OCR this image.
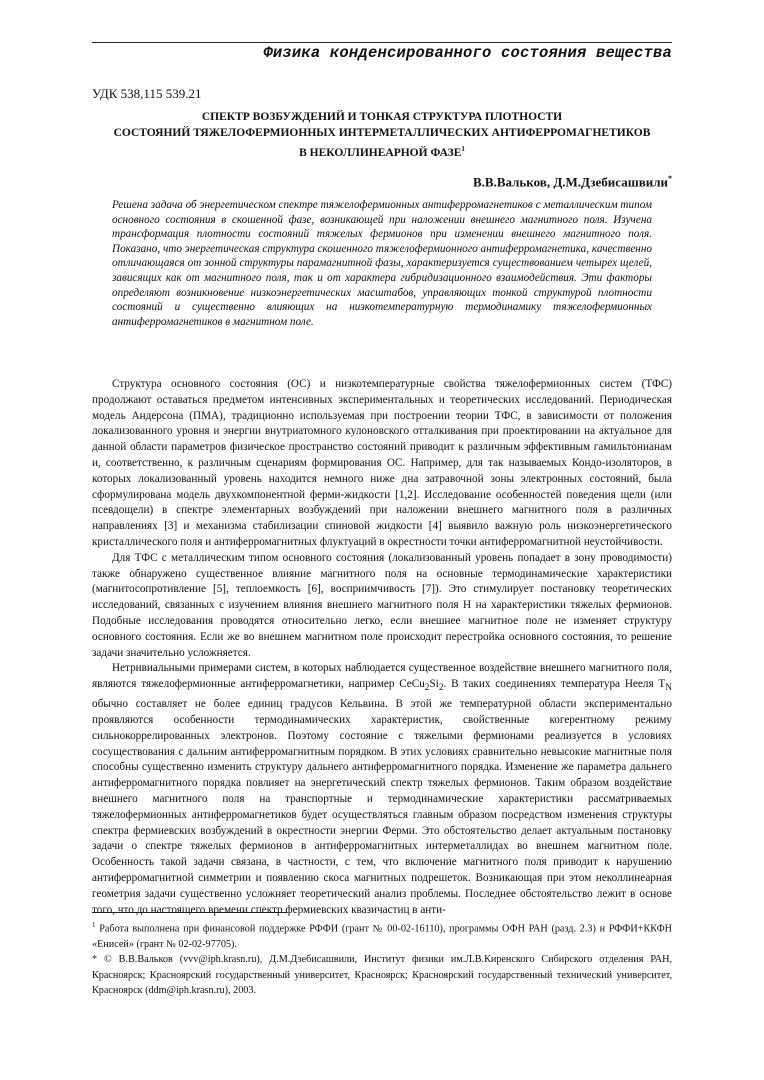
Физика конденсированного состояния вещества
УДК 538,115 539.21
СПЕКТР ВОЗБУЖДЕНИЙ И ТОНКАЯ СТРУКТУРА ПЛОТНОСТИ
СОСТОЯНИЙ ТЯЖЕЛОФЕРМИОННЫХ ИНТЕРМЕТАЛЛИЧЕСКИХ АНТИФЕРРОМАГНЕТИКОВ
В НЕКОЛЛИНЕАРНОЙ ФАЗЕ$^1$
В.В.Вальков, Д.М.Дзебисашвили*
Решена задача об энергетическом спектре тяжелофермионных антиферромагнетиков с металлическим типом основного состояния в скошенной фазе, возникающей при наложении внешнего магнитного поля. Изучена трансформация плотности состояний тяжелых фермионов при изменении внешнего магнитного поля. Показано, что энергетическая структура скошенного тяжелофермионного антиферромагнетика, качественно отличающаяся от зонной структуры парамагнитной фазы, характеризуется существованием четырех щелей, зависящих как от магнитного поля, так и от характера гибридизационного взаимодействия. Эти факторы определяют возникновение низкоэнергетических масштабов, управляющих тонкой структурой плотности состояний и существенно влияющих на низкотемпературную термодинамику тяжелофермионных антиферромагнетиков в магнитном поле.

Структура основного состояния (ОС) и низкотемпературные свойства тяжелофермионных систем (ТФС) продолжают оставаться предметом интенсивных экспериментальных и теоретических исследований. Периодическая модель Андерсона (ПМА), традиционно используемая при построении теории ТФС, в зависимости от положения локализованного уровня и энергии внутриатомного кулоновского отталкивания при проектировании на актуальное для данной области параметров физическое пространство состояний приводит к различным эффективным гамильтонианам и, соответственно, к различным сценариям формирования ОС. Например, для так называемых Кондо-изоляторов, в которых локализованный уровень находится немного ниже дна затравочной зоны электронных состояний, была сформулирована модель двухкомпонентной ферми-жидкости [1,2]. Исследование особенностей поведения щели (или псевдощели) в спектре элементарных возбуждений при наложении внешнего магнитного поля в различных направлениях [3] и механизма стабилизации спиновой жидкости [4] выявило важную роль низкоэнергетического кристаллического поля и антиферромагнитных флуктуаций в окрестности точки антиферромагнитной неустойчивости.

Для ТФС с металлическим типом основного состояния (локализованный уровень попадает в зону проводимости) также обнаружено существенное влияние магнитного поля на основные термодинамические характеристики (магнитосопротивление [5], теплоемкость [6], восприимчивость [7]). Это стимулирует постановку теоретических исследований, связанных с изучением влияния внешнего магнитного поля H на характеристики тяжелых фермионов. Подобные исследования проводятся относительно легко, если внешнее магнитное поле не изменяет структуру основного состояния. Если же во внешнем магнитном поле происходит перестройка основного состояния, то решение задачи значительно усложняется.

Нетривиальными примерами систем, в которых наблюдается существенное воздействие внешнего магнитного поля, являются тяжелофермионные антиферромагнетики, например $CeCu_2Si_2$. В таких соединениях температура Нееля $T_N$ обычно составляет не более единиц градусов Кельвина. В этой же температурной области экспериментально проявляются особенности термодинамических характеристик, свойственные когерентному режиму сильнокоррелированных электронов. Поэтому состояние с тяжелыми фермионами реализуется в условиях сосуществования с дальним антиферромагнитным порядком. В этих условиях сравнительно невысокие магнитные поля способны существенно изменить структуру дальнего антиферромагнитного порядка. Изменение же параметра дальнего антиферромагнитного порядка повлияет на энергетический спектр тяжелых фермионов. Таким образом воздействие внешнего магнитного поля на транспортные и термодинамические характеристики рассматриваемых тяжелофермионных антиферромагнетиков будет осуществляться главным образом посредством изменения структуры спектра фермиевских возбуждений в окрестности энергии Ферми. Это обстоятельство делает актуальным постановку задачи о спектре тяжелых фермионов в антиферромагнитных интерметаллидах во внешнем магнитном поле. Особенность такой задачи связана, в частности, с тем, что включение магнитного поля приводит к нарушению антиферромагнитной симметрии и появлению скоса магнитных подрешеток. Возникающая при этом неколлинеарная геометрия задачи существенно усложняет теоретический анализ проблемы. Последнее обстоятельство лежит в основе того, что до настоящего времени спектр фермиевских квазичастиц в анти-

$^1$ Работа выполнена при финансовой поддержке РФФИ (грант № 00-02-16110), программы ОФН РАН (разд. 2.3) и РФФИ+ККФН «Енисей» (грант № 02-02-97705).

* © В.В.Вальков (vvv@iph.krasn.ru), Д.М.Дзебисашвили, Институт физики им.Л.В.Киренского Сибирского отделения РАН, Красноярск; Красноярский государственный университет, Красноярск; Красноярский государственный технический университет, Красноярск (ddm@iph.krasn.ru), 2003.
